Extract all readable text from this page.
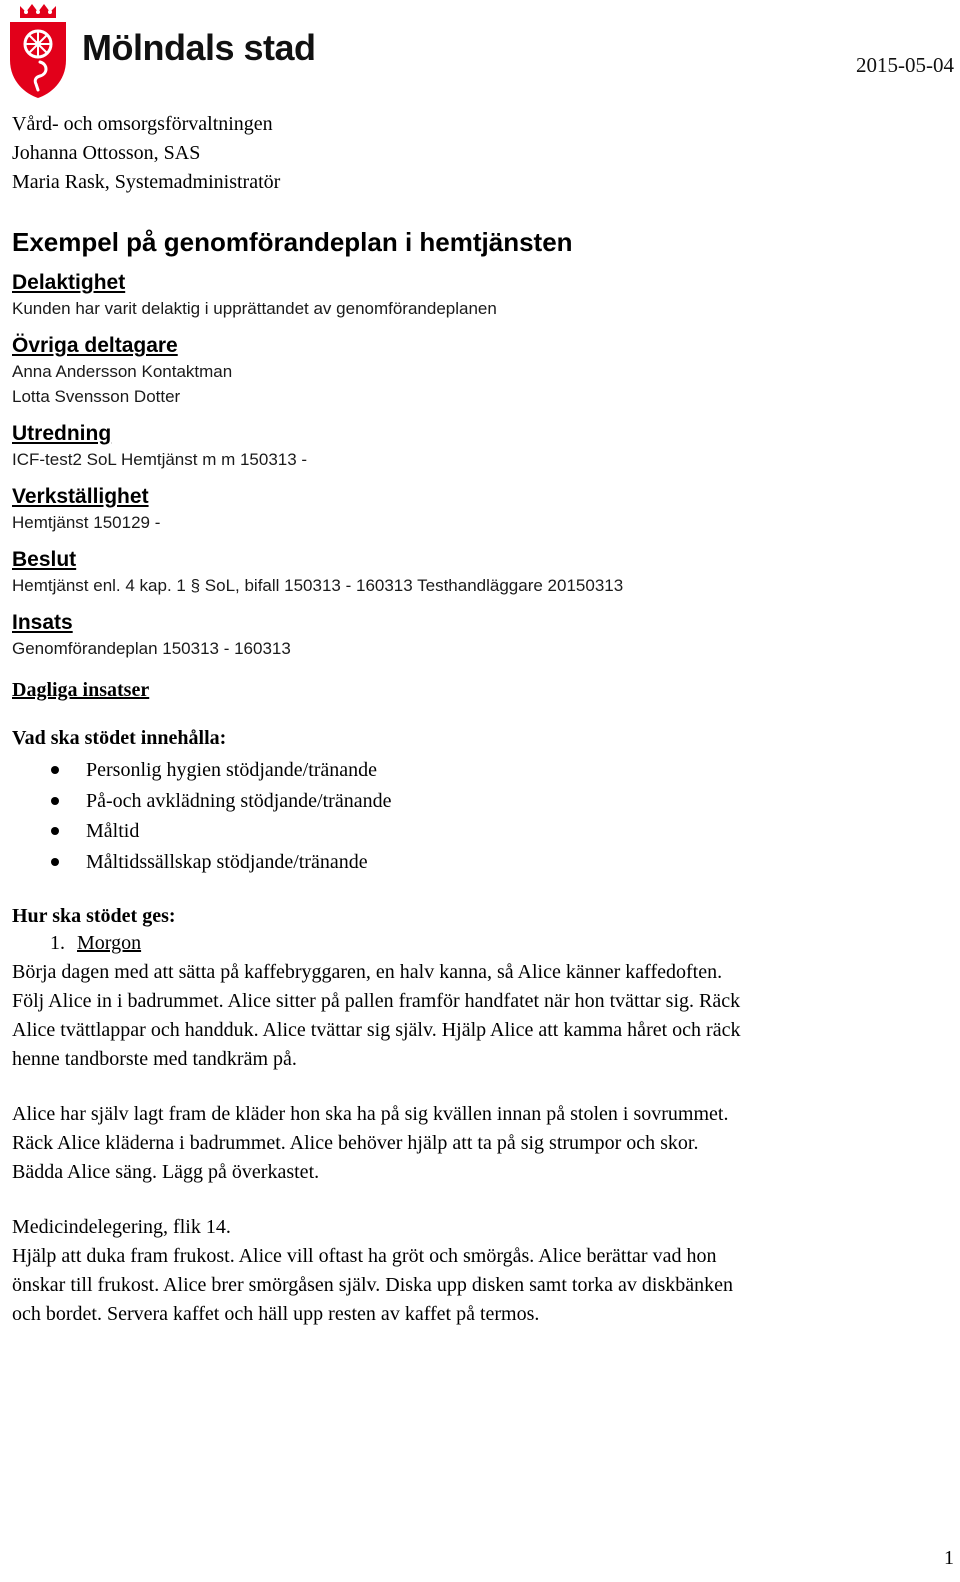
Mölndals stad	2015-05-04
Vård- och omsorgsförvaltningen
Johanna Ottosson, SAS
Maria Rask, Systemadministratör
Exempel på genomförandeplan i hemtjänsten
Delaktighet
Kunden har varit delaktig i upprättandet av genomförandeplanen
Övriga deltagare
Anna Andersson Kontaktman
Lotta Svensson Dotter
Utredning
ICF-test2 SoL Hemtjänst m m 150313 -
Verkställighet
Hemtjänst 150129 -
Beslut
Hemtjänst enl. 4 kap. 1 § SoL, bifall 150313 - 160313 Testhandläggare 20150313
Insats
Genomförandeplan 150313 - 160313
Dagliga insatser
Vad ska stödet innehålla:
Personlig hygien stödjande/tränande
På-och avklädning stödjande/tränande
Måltid
Måltidssällskap stödjande/tränande
Hur ska stödet ges:
1. Morgon
Börja dagen med att sätta på kaffebryggaren, en halv kanna, så Alice känner kaffedoften.
Följ Alice in i badrummet. Alice sitter på pallen framför handfatet när hon tvättar sig. Räck
Alice tvättlappar och handduk. Alice tvättar sig själv. Hjälp Alice att kamma håret och räck
henne tandborste med tandkräm på.
Alice har själv lagt fram de kläder hon ska ha på sig kvällen innan på stolen i sovrummet.
Räck Alice kläderna i badrummet. Alice behöver hjälp att ta på sig strumpor och skor.
Bädda Alice säng. Lägg på överkastet.
Medicindelegering, flik 14.
Hjälp att duka fram frukost. Alice vill oftast ha gröt och smörgås. Alice berättar vad hon
önskar till frukost. Alice brer smörgåsen själv. Diska upp disken samt torka av diskbänken
och bordet. Servera kaffet och häll upp resten av kaffet på termos.
1
